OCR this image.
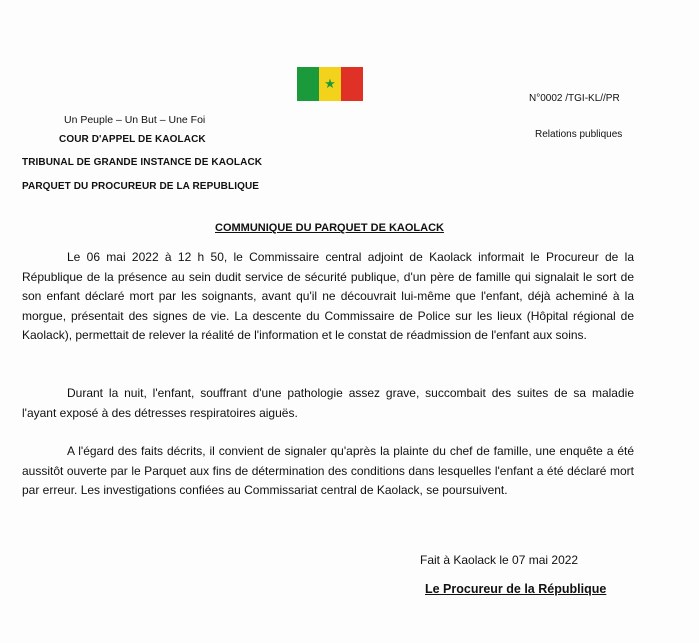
★
N°0002 /TGI-KL//PR
Un Peuple – Un But – Une Foi
Relations publiques
COUR D'APPEL DE KAOLACK
TRIBUNAL DE GRANDE INSTANCE DE KAOLACK
PARQUET DU PROCUREUR DE LA REPUBLIQUE
COMMUNIQUE DU PARQUET DE KAOLACK

Le 06 mai 2022 à 12 h 50, le Commissaire central adjoint de Kaolack informait le Procureur de la République de la présence au sein dudit service de sécurité publique, d'un père de famille qui signalait le sort de son enfant déclaré mort par les soignants, avant qu'il ne découvrait lui-même que l'enfant, déjà acheminé à la morgue, présentait des signes de vie. La descente du Commissaire de Police sur les lieux (Hôpital régional de Kaolack), permettait de relever la réalité de l'information et le constat de réadmission de l'enfant aux soins.

Durant la nuit, l'enfant, souffrant d'une pathologie assez grave, succombait des suites de sa maladie l'ayant exposé à des détresses respiratoires aiguës.

A l'égard des faits décrits, il convient de signaler qu'après la plainte du chef de famille, une enquête a été aussitôt ouverte par le Parquet aux fins de détermination des conditions dans lesquelles l'enfant a été déclaré mort par erreur. Les investigations confiées au Commissariat central de Kaolack, se poursuivent.

Fait à Kaolack le 07 mai 2022
Le Procureur de la République
